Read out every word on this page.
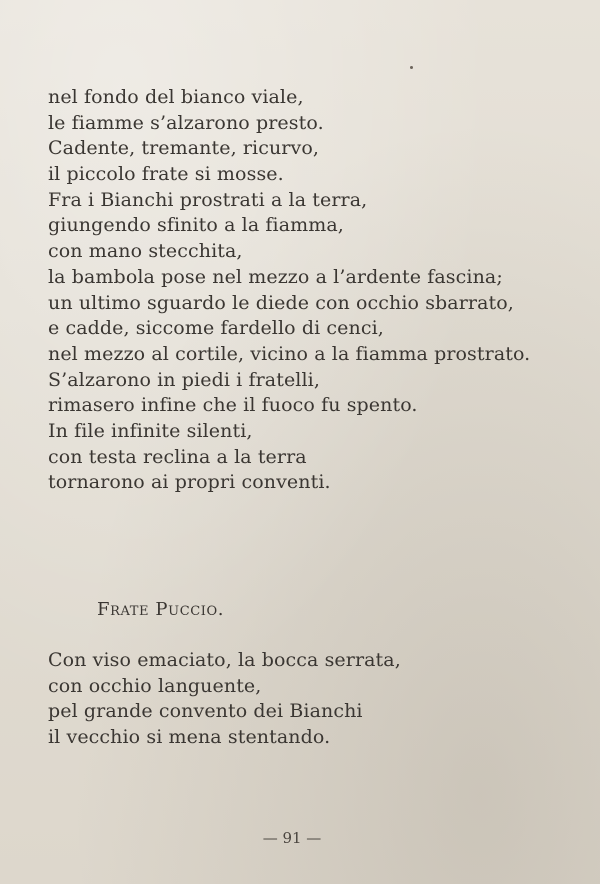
nel fondo del bianco viale,
le fiamme s’alzarono presto.
Cadente, tremante, ricurvo,
il piccolo frate si mosse.
Fra i Bianchi prostrati a la terra,
giungendo sfinito a la fiamma,
con mano stecchita,
la bambola pose nel mezzo a l’ardente fascina;
un ultimo sguardo le diede con occhio sbarrato,
e cadde, siccome fardello di cenci,
nel mezzo al cortile, vicino a la fiamma prostrato.
S’alzarono in piedi i fratelli,
rimasero infine che il fuoco fu spento.
In file infinite silenti,
con testa reclina a la terra
tornarono ai propri conventi.
Frate Puccio.
Con viso emaciato, la bocca serrata,
con occhio languente,
pel grande convento dei Bianchi
il vecchio si mena stentando.
— 91 —
